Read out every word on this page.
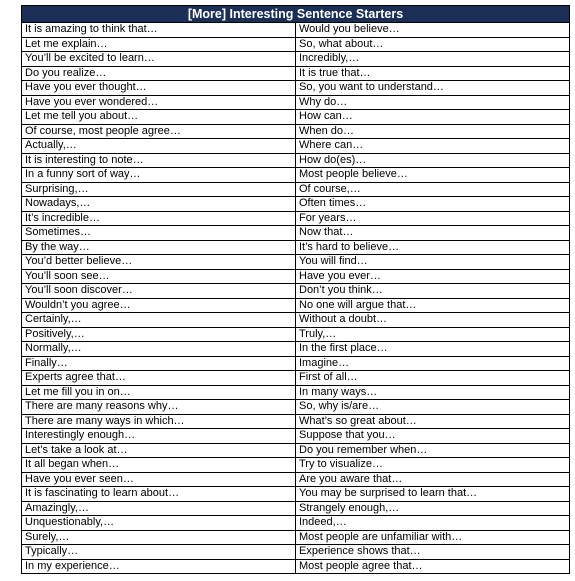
[More] Interesting Sentence Starters	
It is amazing to think that…	Would you believe…
Let me explain…	So, what about…
You’ll be excited to learn…	Incredibly,…
Do you realize…	It is true that…
Have you ever thought…	So, you want to understand…
Have you ever wondered…	Why do…
Let me tell you about…	How can…
Of course, most people agree…	When do…
Actually,…	Where can…
It is interesting to note…	How do(es)…
In a funny sort of way…	Most people believe…
Surprising,…	Of course,…
Nowadays,…	Often times…
It’s incredible…	For years…
Sometimes…	Now that…
By the way…	It’s hard to believe…
You’d better believe…	You will find…
You’ll soon see…	Have you ever…
You’ll soon discover…	Don’t you think…
Wouldn’t you agree…	No one will argue that…
Certainly,…	Without a doubt…
Positively,…	Truly,…
Normally,…	In the first place…
Finally…	Imagine…
Experts agree that…	First of all…
Let me fill you in on…	In many ways…
There are many reasons why…	So, why is/are…
There are many ways in which…	What’s so great about…
Interestingly enough…	Suppose that you…
Let’s take a look at…	Do you remember when…
It all began when…	Try to visualize…
Have you ever seen…	Are you aware that…
It is fascinating to learn about…	You may be surprised to learn that…
Amazingly,…	Strangely enough,…
Unquestionably,…	Indeed,…
Surely,…	Most people are unfamiliar with…
Typically…	Experience shows that…
In my experience…	Most people agree that…
